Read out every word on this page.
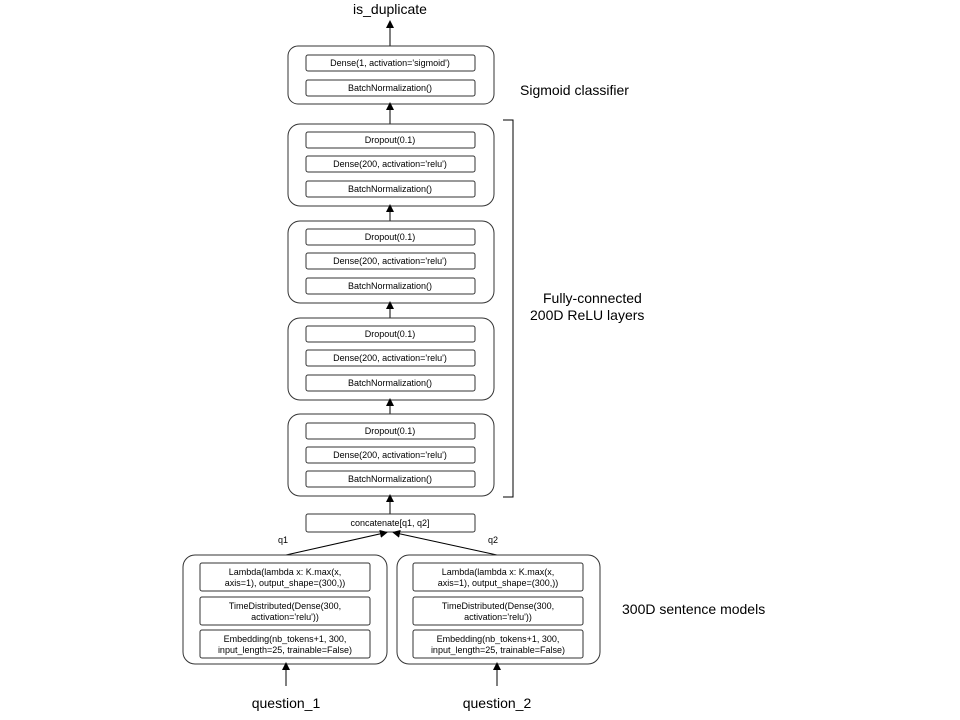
is_duplicate
Dense(1, activation='sigmoid')
BatchNormalization()	Sigmoid classifier
Dropout(0.1)
Dense(200, activation='relu')
BatchNormalization()
Dropout(0.1)
Dense(200, activation='relu')
BatchNormalization()
Dropout(0.1)
Dense(200, activation='relu')
BatchNormalization()
Dropout(0.1)
Dense(200, activation='relu')
BatchNormalization()
Fully-connected
200D ReLU layers
concatenate[q1, q2]
q1	q2
Lambda(lambda x: K.max(x,
axis=1), output_shape=(300,))
TimeDistributed(Dense(300,
activation='relu'))
Embedding(nb_tokens+1, 300,
input_length=25, trainable=False)
Lambda(lambda x: K.max(x,
axis=1), output_shape=(300,))
TimeDistributed(Dense(300,
activation='relu'))
Embedding(nb_tokens+1, 300,
input_length=25, trainable=False)
300D sentence models
question_1	question_2
